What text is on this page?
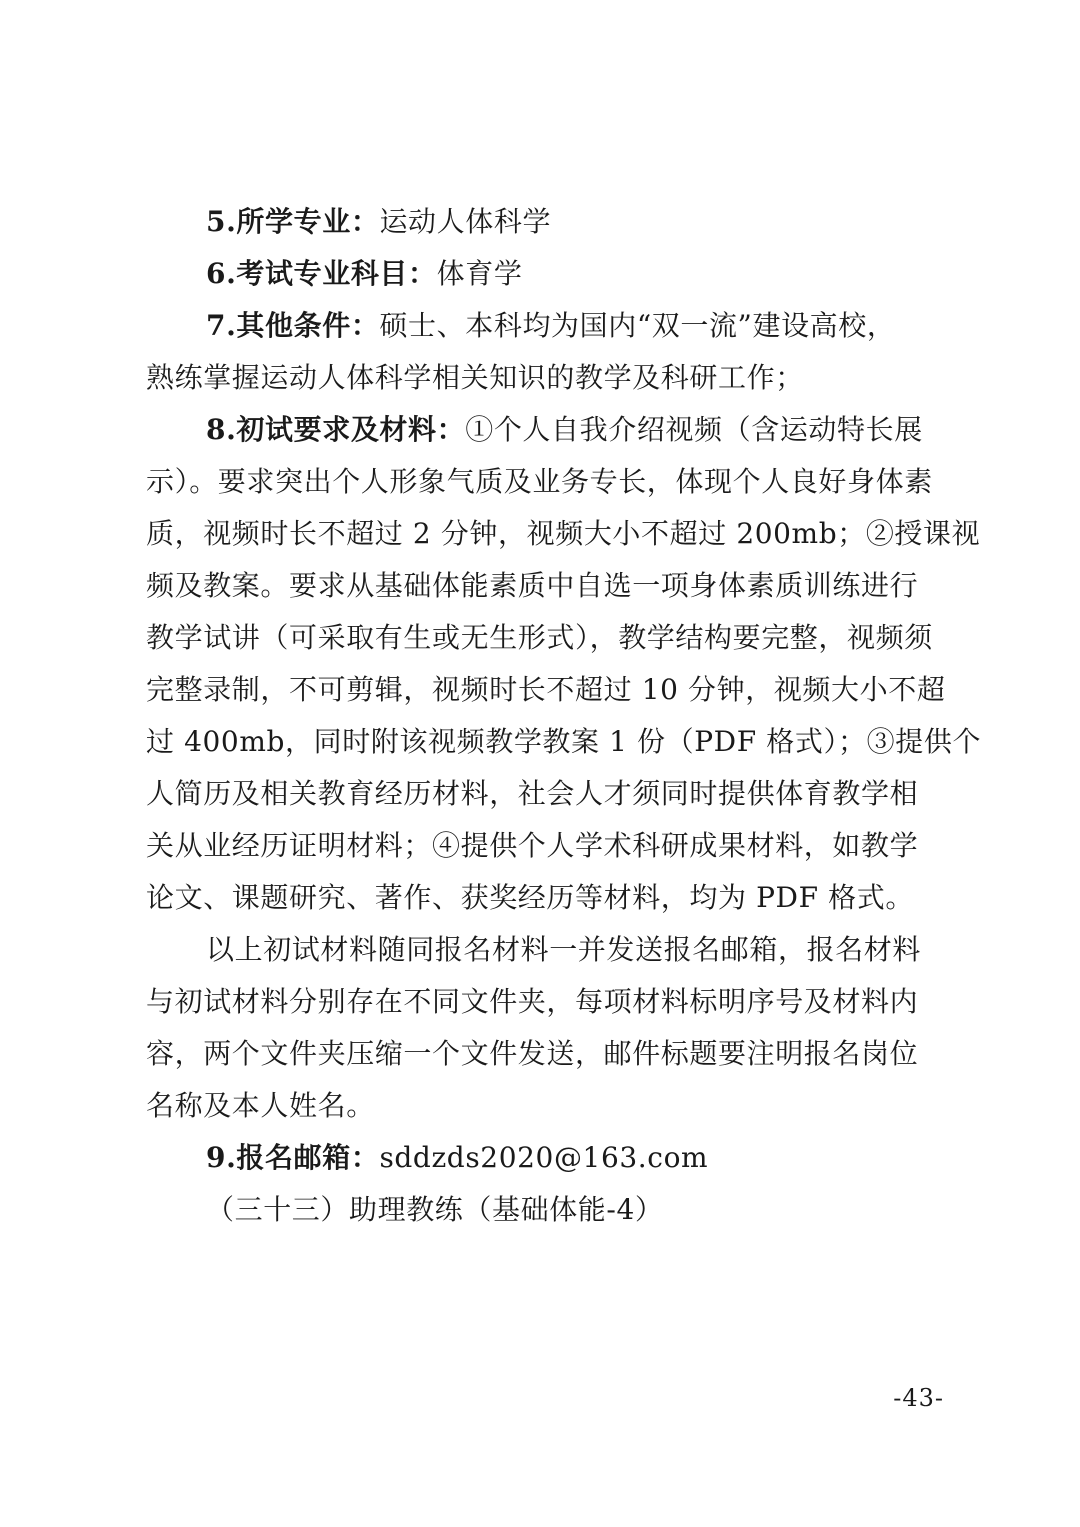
5.所学专业：运动人体科学

6.考试专业科目：体育学

7.其他条件：硕士、本科均为国内“双一流”建设高校，

熟练掌握运动人体科学相关知识的教学及科研工作；

8.初试要求及材料：①个人自我介绍视频（含运动特长展

示）。要求突出个人形象气质及业务专长，体现个人良好身体素

质，视频时长不超过 2 分钟，视频大小不超过 200mb；②授课视

频及教案。要求从基础体能素质中自选一项身体素质训练进行

教学试讲（可采取有生或无生形式），教学结构要完整，视频须

完整录制，不可剪辑，视频时长不超过 10 分钟，视频大小不超

过 400mb，同时附该视频教学教案 1 份（PDF 格式）；③提供个

人简历及相关教育经历材料，社会人才须同时提供体育教学相

关从业经历证明材料；④提供个人学术科研成果材料，如教学

论文、课题研究、著作、获奖经历等材料，均为 PDF 格式。

以上初试材料随同报名材料一并发送报名邮箱，报名材料

与初试材料分别存在不同文件夹，每项材料标明序号及材料内

容，两个文件夹压缩一个文件发送，邮件标题要注明报名岗位

名称及本人姓名。

9.报名邮箱：sddzds2020@163.com

（三十三）助理教练（基础体能-4）

-43-
